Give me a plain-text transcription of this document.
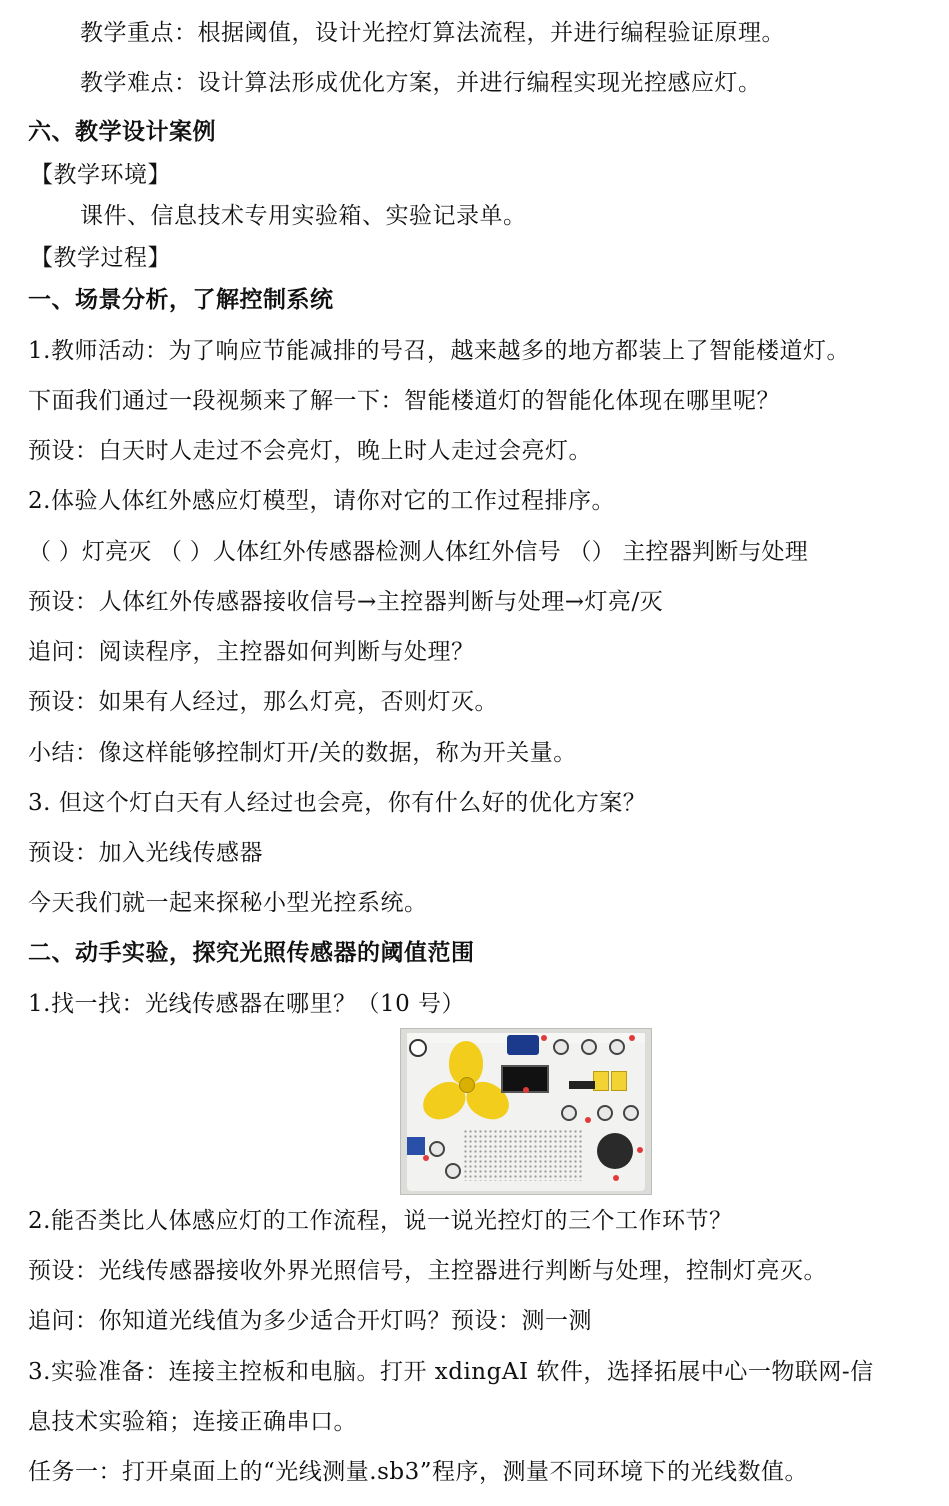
教学重点：根据阈值，设计光控灯算法流程，并进行编程验证原理。
教学难点：设计算法形成优化方案，并进行编程实现光控感应灯。
六、教学设计案例
【教学环境】
课件、信息技术专用实验箱、实验记录单。
【教学过程】
一、场景分析，了解控制系统
1.教师活动：为了响应节能减排的号召，越来越多的地方都装上了智能楼道灯。
下面我们通过一段视频来了解一下：智能楼道灯的智能化体现在哪里呢？
预设：白天时人走过不会亮灯，晚上时人走过会亮灯。
2.体验人体红外感应灯模型，请你对它的工作过程排序。
（ ）灯亮灭 （ ）人体红外传感器检测人体红外信号 （） 主控器判断与处理
预设：人体红外传感器接收信号→主控器判断与处理→灯亮/灭
追问：阅读程序，主控器如何判断与处理？
预设：如果有人经过，那么灯亮，否则灯灭。
小结：像这样能够控制灯开/关的数据，称为开关量。
3. 但这个灯白天有人经过也会亮，你有什么好的优化方案？
预设：加入光线传感器
今天我们就一起来探秘小型光控系统。
二、动手实验，探究光照传感器的阈值范围
1.找一找：光线传感器在哪里？（10 号）
2.能否类比人体感应灯的工作流程，说一说光控灯的三个工作环节？
预设：光线传感器接收外界光照信号，主控器进行判断与处理，控制灯亮灭。
追问：你知道光线值为多少适合开灯吗？预设：测一测
3.实验准备：连接主控板和电脑。打开 xdingAI 软件，选择拓展中心一物联网-信
息技术实验箱；连接正确串口。
任务一：打开桌面上的“光线测量.sb3”程序，测量不同环境下的光线数值。
